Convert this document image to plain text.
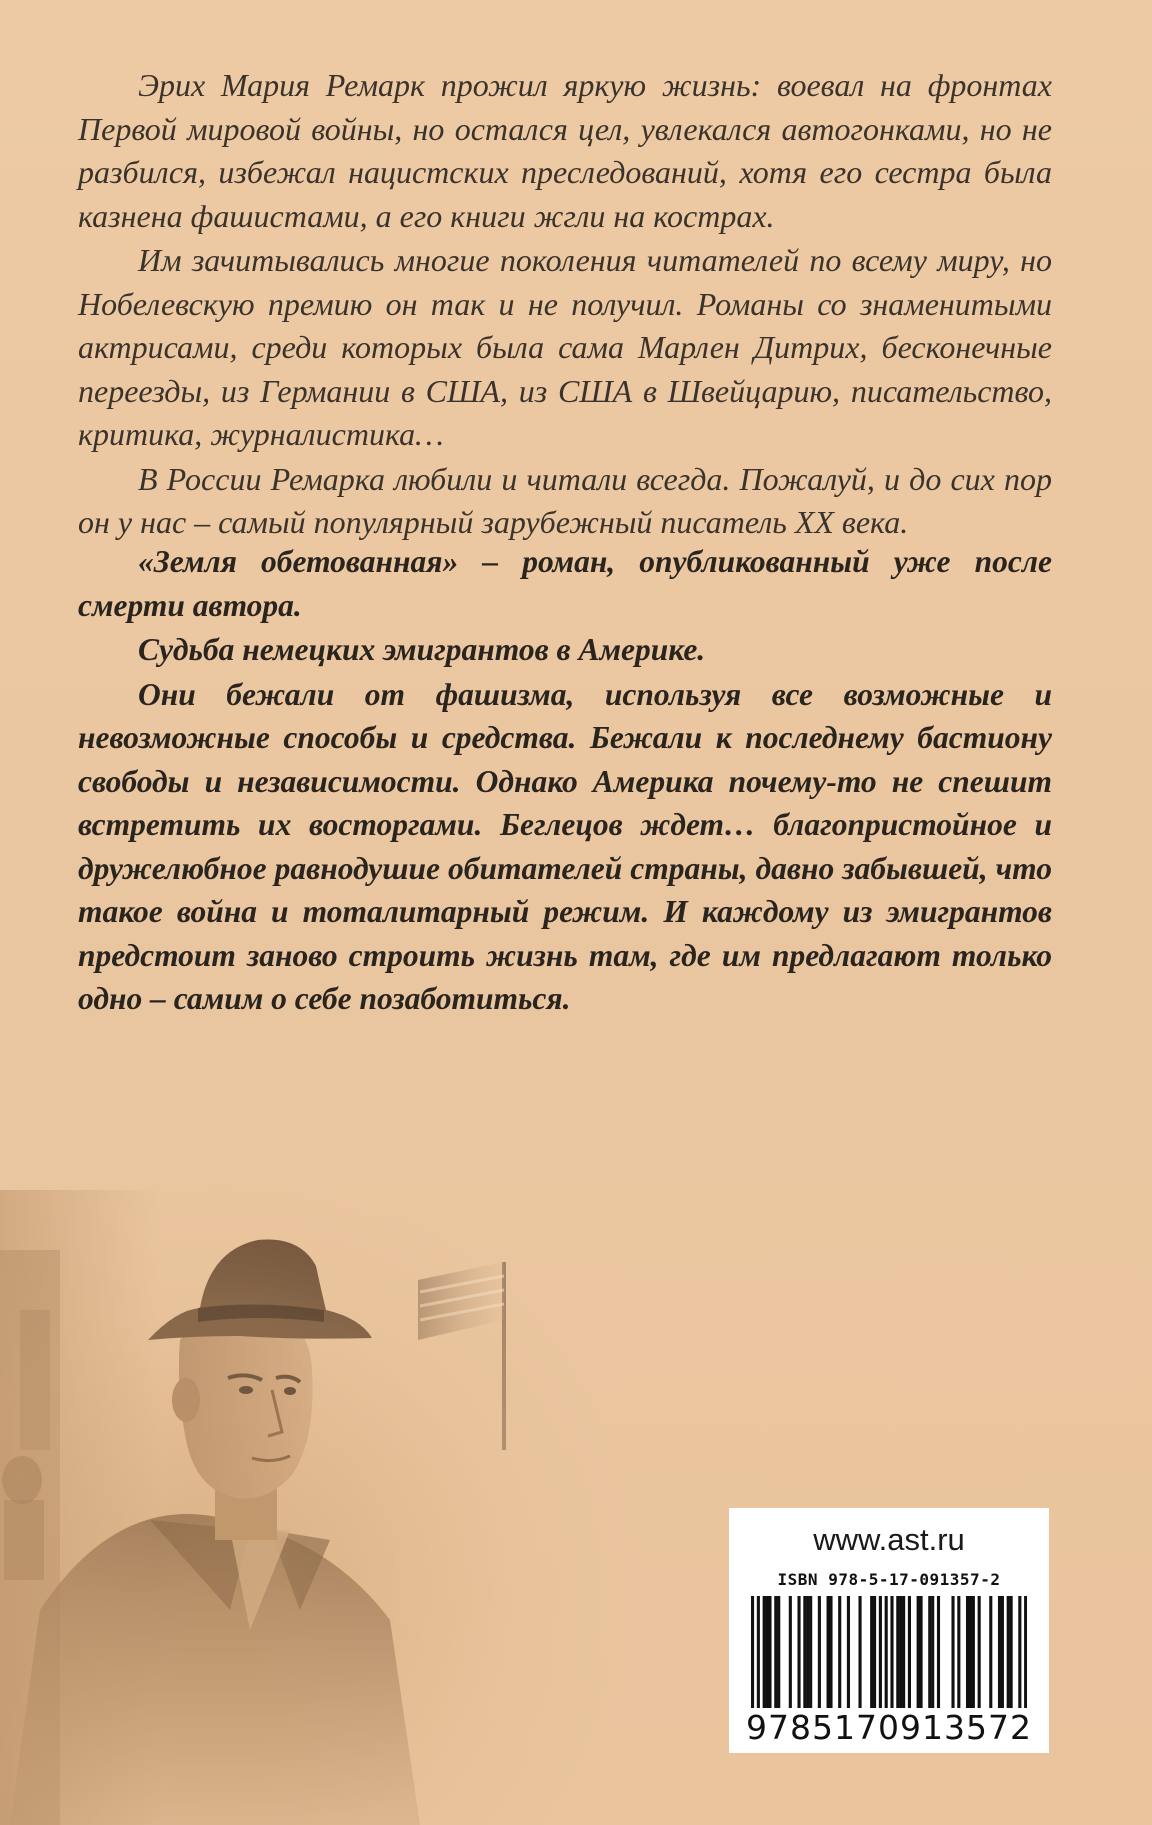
Эрих Мария Ремарк прожил яркую жизнь: воевал на фронтах Первой мировой войны, но остался цел, увлекался автогонками, но не разбился, избежал нацистских преследований, хотя его сестра была казнена фашистами, а его книги жгли на кострах.

Им зачитывались многие поколения читателей по всему миру, но Нобелевскую премию он так и не получил. Романы со знаменитыми актрисами, среди которых была сама Марлен Дитрих, бесконечные переезды, из Германии в США, из США в Швейцарию, писательство, критика, журналистика…

В России Ремарка любили и читали всегда. Пожалуй, и до сих пор он у нас – самый популярный зарубежный писатель XX века.

«Земля обетованная» – роман, опубликованный уже после смерти автора.

Судьба немецких эмигрантов в Америке.

Они бежали от фашизма, используя все возможные и невозможные способы и средства. Бежали к последнему бастиону свободы и независимости. Однако Америка почему-то не спешит встретить их восторгами. Беглецов ждет… благопристойное и дружелюбное равнодушие обитателей страны, давно забывшей, что такое война и тоталитарный режим. И каждому из эмигрантов предстоит заново строить жизнь там, где им предлагают только одно – самим о себе позаботиться.

www.ast.ru
ISBN 978-5-17-091357-2
9785170913572
